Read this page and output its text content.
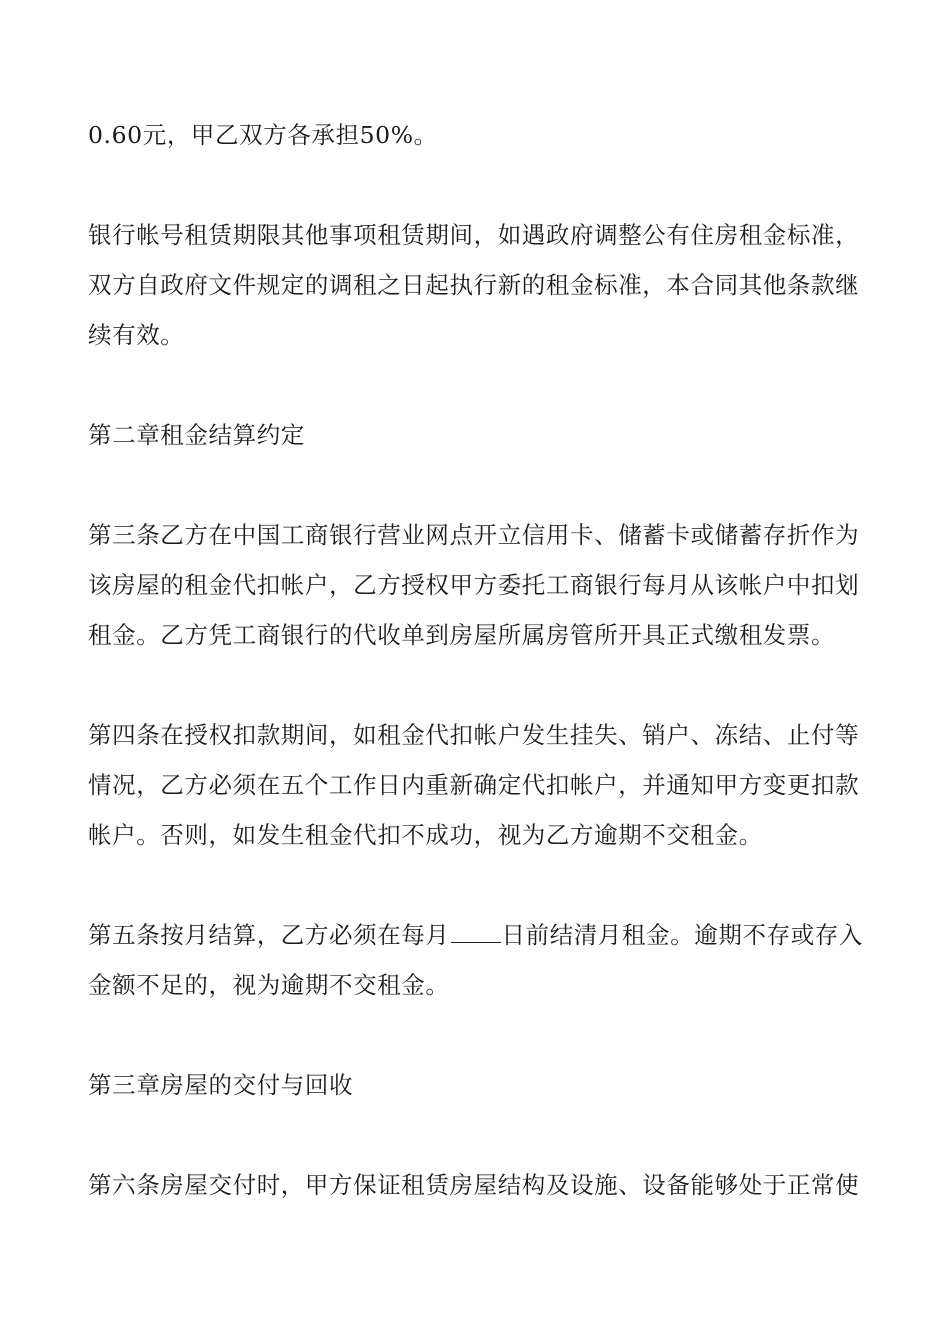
0.60元，甲乙双方各承担50%。

银行帐号租赁期限其他事项租赁期间，如遇政府调整公有住房租金标准，双方自政府文件规定的调租之日起执行新的租金标准，本合同其他条款继续有效。

第二章租金结算约定

第三条乙方在中国工商银行营业网点开立信用卡、储蓄卡或储蓄存折作为该房屋的租金代扣帐户，乙方授权甲方委托工商银行每月从该帐户中扣划租金。乙方凭工商银行的代收单到房屋所属房管所开具正式缴租发票。

第四条在授权扣款期间，如租金代扣帐户发生挂失、销户、冻结、止付等情况，乙方必须在五个工作日内重新确定代扣帐户，并通知甲方变更扣款帐户。否则，如发生租金代扣不成功，视为乙方逾期不交租金。

第五条按月结算，乙方必须在每月 日前结清月租金。逾期不存或存入金额不足的，视为逾期不交租金。

第三章房屋的交付与回收

第六条房屋交付时，甲方保证租赁房屋结构及设施、设备能够处于正常使
